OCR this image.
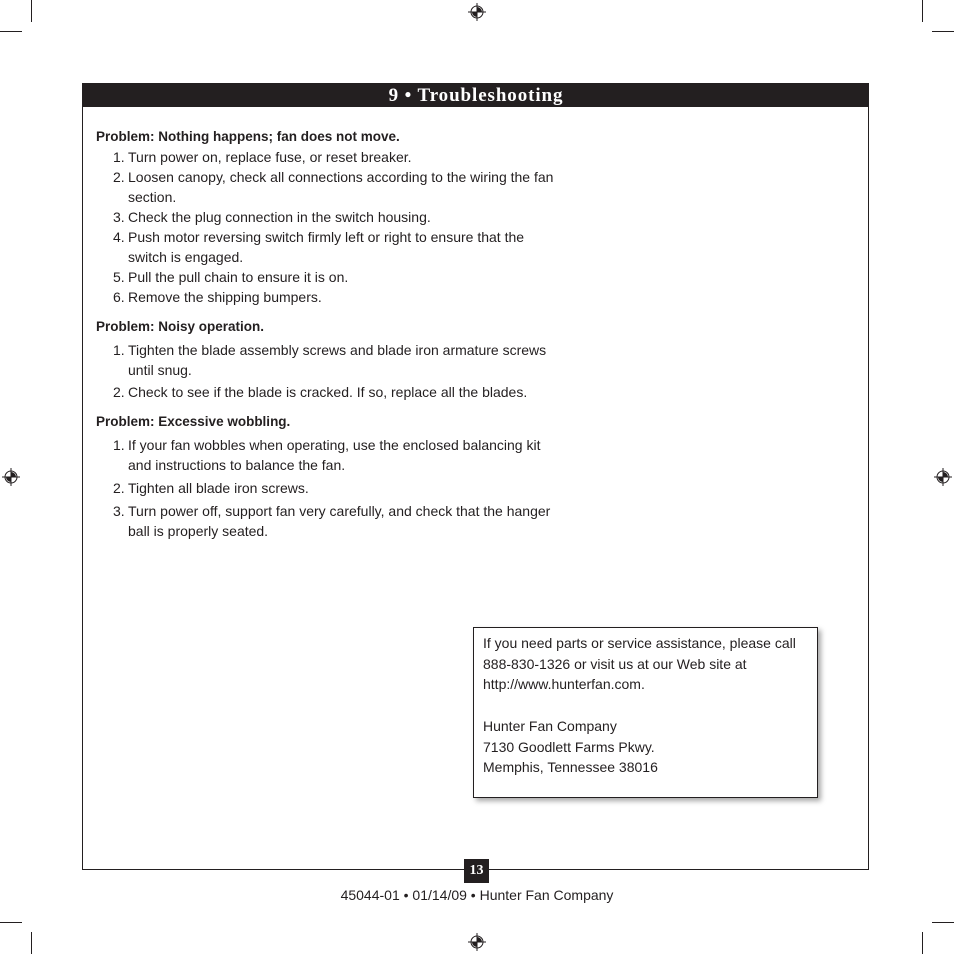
9 • Troubleshooting

Problem: Nothing happens; fan does not move.

1. Turn power on, replace fuse, or reset breaker.
2. Loosen canopy, check all connections according to the wiring the fan section.
3. Check the plug connection in the switch housing.
4. Push motor reversing switch firmly left or right to ensure that the switch is engaged.
5. Pull the pull chain to ensure it is on.
6. Remove the shipping bumpers.

Problem: Noisy operation.

1. Tighten the blade assembly screws and blade iron armature screws until snug.
2. Check to see if the blade is cracked. If so, replace all the blades.

Problem: Excessive wobbling.

1. If your fan wobbles when operating, use the enclosed balancing kit and instructions to balance the fan.
2. Tighten all blade iron screws.
3. Turn power off, support fan very carefully, and check that the hanger ball is properly seated.

If you need parts or service assistance, please call 888-830-1326 or visit us at our Web site at http://www.hunterfan.com.

Hunter Fan Company

7130 Goodlett Farms Pkwy.

Memphis, Tennessee 38016

13
45044-01 • 01/14/09 • Hunter Fan Company
